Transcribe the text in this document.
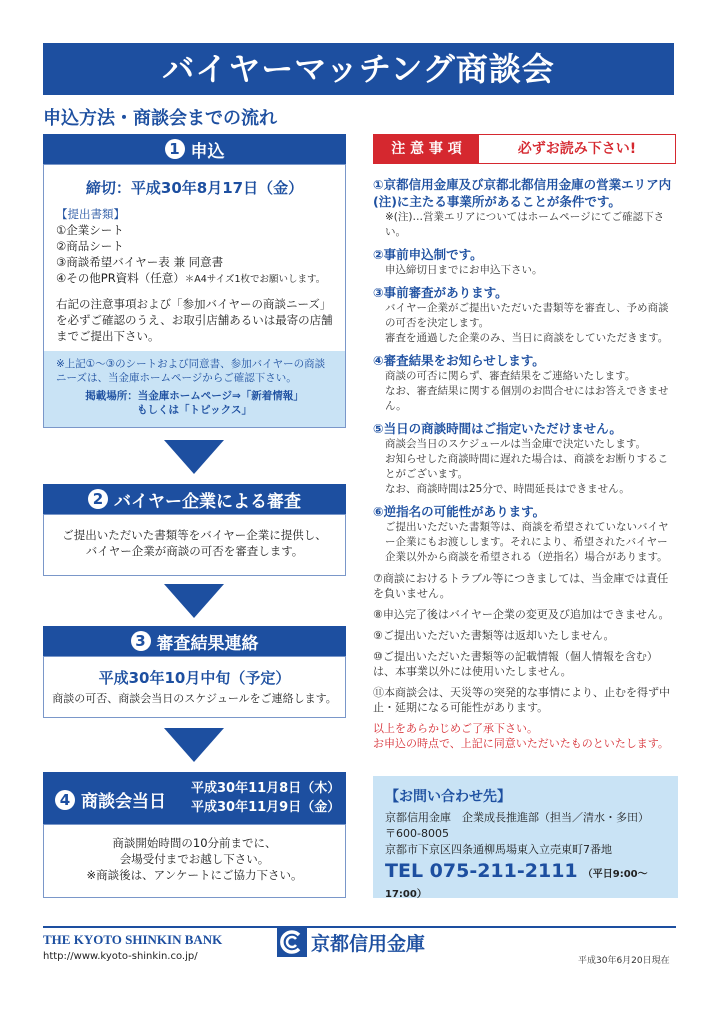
バイヤーマッチング商談会
申込方法・商談会までの流れ
1 申込
締切：平成30年8月17日（金）
【提出書類】
①企業シート
②商品シート
③商談希望バイヤー表 兼 同意書
④その他PR資料（任意）＊A4サイズ1枚でお願いします。
右記の注意事項および「参加バイヤーの商談ニーズ」を必ずご確認のうえ、お取引店舗あるいは最寄の店舗までご提出下さい。
※上記①～③のシートおよび同意書、参加バイヤーの商談ニーズは、当金庫ホームページからご確認下さい。
掲載場所：当金庫ホームページ⇒「新着情報」
もしくは「トピックス」
2 バイヤー企業による審査
ご提出いただいた書類等をバイヤー企業に提供し、バイヤー企業が商談の可否を審査します。
3 審査結果連絡
平成30年10月中旬（予定）
商談の可否、商談会当日のスケジュールをご連絡します。
4 商談会当日
平成30年11月8日（木）
平成30年11月9日（金）
商談開始時間の10分前までに、
会場受付までお越し下さい。
※商談後は、アンケートにご協力下さい。
注 意 事 項	必ずお読み下さい!
①京都信用金庫及び京都北都信用金庫の営業エリア内(注)に主たる事業所があることが条件です。
※(注)…営業エリアについてはホームページにてご確認下さい。
②事前申込制です。
申込締切日までにお申込下さい。
③事前審査があります。
バイヤー企業がご提出いただいた書類等を審査し、予め商談の可否を決定します。
審査を通過した企業のみ、当日に商談をしていただきます。
④審査結果をお知らせします。
商談の可否に関らず、審査結果をご連絡いたします。
なお、審査結果に関する個別のお問合せにはお答えできません。
⑤当日の商談時間はご指定いただけません。
商談会当日のスケジュールは当金庫で決定いたします。
お知らせした商談時間に遅れた場合は、商談をお断りすることがございます。
なお、商談時間は25分で、時間延長はできません。
⑥逆指名の可能性があります。
ご提出いただいた書類等は、商談を希望されていないバイヤー企業にもお渡しします。それにより、希望されたバイヤー企業以外から商談を希望される（逆指名）場合があります。
⑦商談におけるトラブル等につきましては、当金庫では責任を負いません。
⑧申込完了後はバイヤー企業の変更及び追加はできません。
⑨ご提出いただいた書類等は返却いたしません。
⑩ご提出いただいた書類等の記載情報（個人情報を含む）は、本事業以外には使用いたしません。
⑪本商談会は、天災等の突発的な事情により、止むを得ず中止・延期になる可能性があります。
以上をあらかじめご了承下さい。
お申込の時点で、上記に同意いただいたものといたします。
【お問い合わせ先】
京都信用金庫　企業成長推進部（担当／清水・多田）
〒600-8005
京都市下京区四条通柳馬場東入立売東町7番地
TEL 075-211-2111 （平日9:00～17:00）
THE KYOTO SHINKIN BANK
http://www.kyoto-shinkin.co.jp/
京都信用金庫
平成30年6月20日現在
